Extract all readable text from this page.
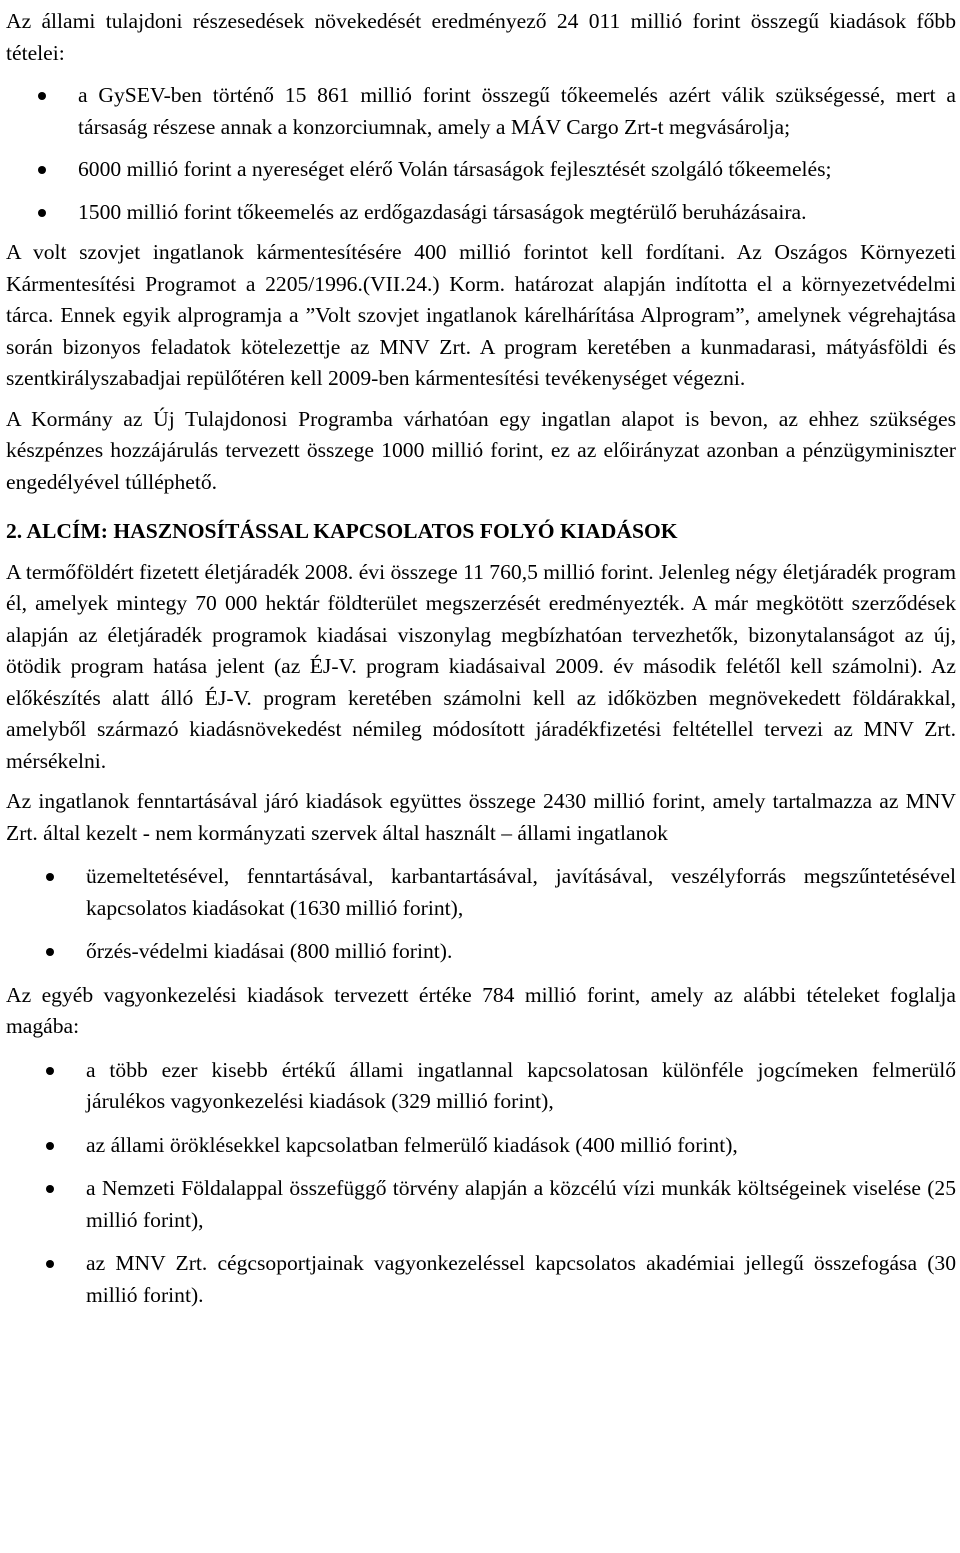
Az állami tulajdoni részesedések növekedését eredményező 24 011 millió forint összegű kiadások főbb tételei:

a GySEV-ben történő 15 861 millió forint összegű tőkeemelés azért válik szükségessé, mert a társaság részese annak a konzorciumnak, amely a MÁV Cargo Zrt-t megvásárolja;
6000 millió forint a nyereséget elérő Volán társaságok fejlesztését szolgáló tőkeemelés;
1500 millió forint tőkeemelés az erdőgazdasági társaságok megtérülő beruházásaira.

A volt szovjet ingatlanok kármentesítésére 400 millió forintot kell fordítani. Az Oszágos Környezeti Kármentesítési Programot a 2205/1996.(VII.24.) Korm. határozat alapján indította el a környezetvédelmi tárca. Ennek egyik alprogramja a ”Volt szovjet ingatlanok kárelhárítása Alprogram”, amelynek végrehajtása során bizonyos feladatok kötelezettje az MNV Zrt. A program keretében a kunmadarasi, mátyásföldi és szentkirályszabadjai repülőtéren kell 2009-ben kármentesítési tevékenységet végezni.

A Kormány az Új Tulajdonosi Programba várhatóan egy ingatlan alapot is bevon, az ehhez szükséges készpénzes hozzájárulás tervezett összege 1000 millió forint, ez az előirányzat azonban a pénzügyminiszter engedélyével túlléphető.

2. ALCÍM: HASZNOSÍTÁSSAL KAPCSOLATOS FOLYÓ KIADÁSOK

A termőföldért fizetett életjáradék 2008. évi összege 11 760,5 millió forint. Jelenleg négy életjáradék program él, amelyek mintegy 70 000 hektár földterület megszerzését eredményezték. A már megkötött szerződések alapján az életjáradék programok kiadásai viszonylag megbízhatóan tervezhetők, bizonytalanságot az új, ötödik program hatása jelent (az ÉJ-V. program kiadásaival 2009. év második felétől kell számolni). Az előkészítés alatt álló ÉJ-V. program keretében számolni kell az időközben megnövekedett földárakkal, amelyből származó kiadásnövekedést némileg módosított járadékfizetési feltétellel tervezi az MNV Zrt. mérsékelni.

Az ingatlanok fenntartásával járó kiadások együttes összege 2430 millió forint, amely tartalmazza az MNV Zrt. által kezelt - nem kormányzati szervek által használt – állami ingatlanok

üzemeltetésével, fenntartásával, karbantartásával, javításával, veszélyforrás megszűntetésével kapcsolatos kiadásokat (1630 millió forint),
őrzés-védelmi kiadásai (800 millió forint).

Az egyéb vagyonkezelési kiadások tervezett értéke 784 millió forint, amely az alábbi tételeket foglalja magába:

a több ezer kisebb értékű állami ingatlannal kapcsolatosan különféle jogcímeken felmerülő járulékos vagyonkezelési kiadások (329 millió forint),
az állami öröklésekkel kapcsolatban felmerülő kiadások (400 millió forint),
a Nemzeti Földalappal összefüggő törvény alapján a közcélú vízi munkák költségeinek viselése (25 millió forint),
az MNV Zrt. cégcsoportjainak vagyonkezeléssel kapcsolatos akadémiai jellegű összefogása (30 millió forint).
